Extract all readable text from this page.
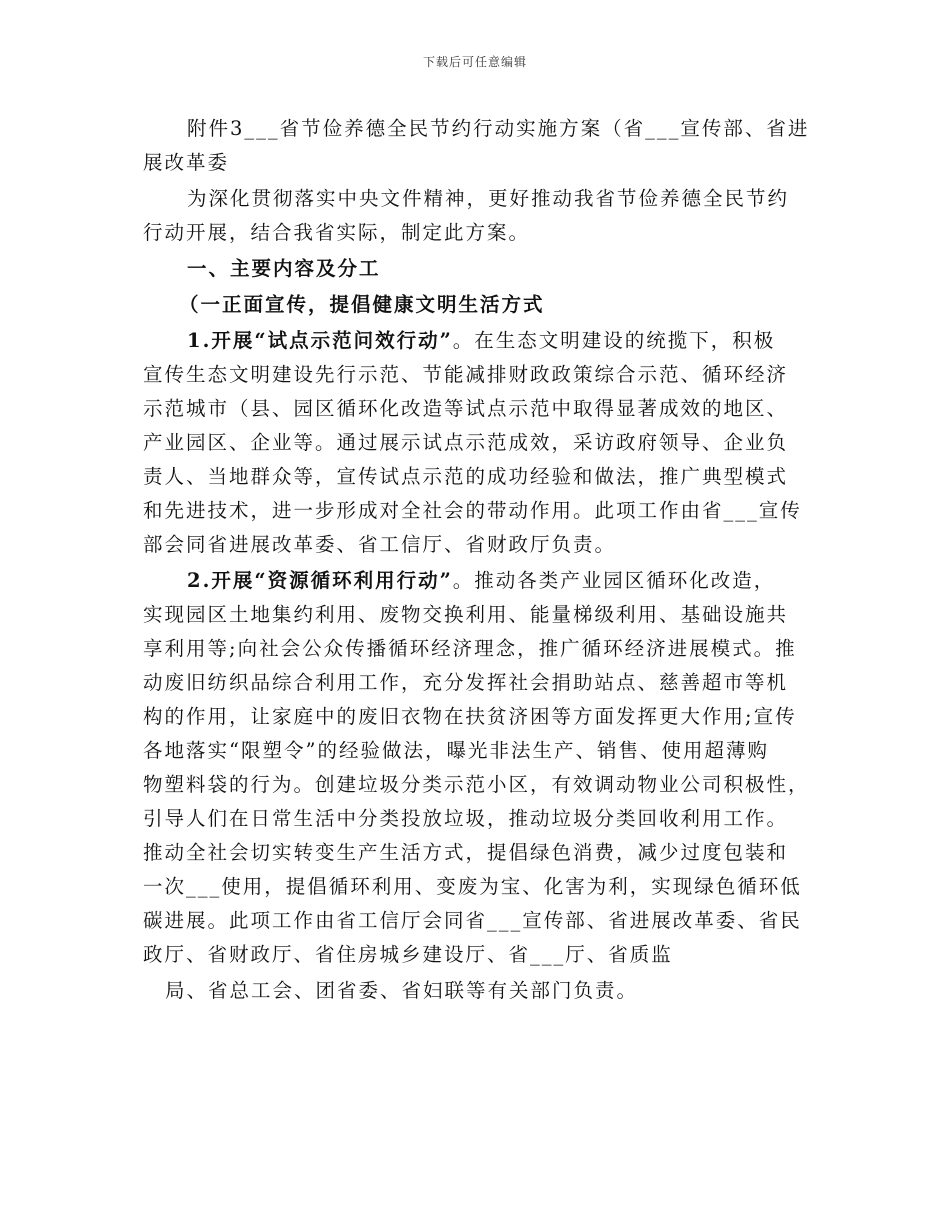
下载后可任意编辑
附件3___省节俭养德全民节约行动实施方案（省___宣传部、省进
展改革委
为深化贯彻落实中央文件精神，更好推动我省节俭养德全民节约
行动开展，结合我省实际，制定此方案。
一、主要内容及分工
（一正面宣传，提倡健康文明生活方式
1.开展“试点示范问效行动”。在生态文明建设的统揽下，积极
宣传生态文明建设先行示范、节能减排财政政策综合示范、循环经济
示范城市（县、园区循环化改造等试点示范中取得显著成效的地区、
产业园区、企业等。通过展示试点示范成效，采访政府领导、企业负
责人、当地群众等，宣传试点示范的成功经验和做法，推广典型模式
和先进技术，进一步形成对全社会的带动作用。此项工作由省___宣传
部会同省进展改革委、省工信厅、省财政厅负责。
2.开展“资源循环利用行动”。推动各类产业园区循环化改造，
实现园区土地集约利用、废物交换利用、能量梯级利用、基础设施共
享利用等;向社会公众传播循环经济理念，推广循环经济进展模式。推
动废旧纺织品综合利用工作，充分发挥社会捐助站点、慈善超市等机
构的作用，让家庭中的废旧衣物在扶贫济困等方面发挥更大作用;宣传
各地落实“限塑令”的经验做法，曝光非法生产、销售、使用超薄购
物塑料袋的行为。创建垃圾分类示范小区，有效调动物业公司积极性，
引导人们在日常生活中分类投放垃圾，推动垃圾分类回收利用工作。
推动全社会切实转变生产生活方式，提倡绿色消费，减少过度包装和
一次___使用，提倡循环利用、变废为宝、化害为利，实现绿色循环低
碳进展。此项工作由省工信厅会同省___宣传部、省进展改革委、省民
政厅、省财政厅、省住房城乡建设厅、省___厅、省质监
局、省总工会、团省委、省妇联等有关部门负责。
